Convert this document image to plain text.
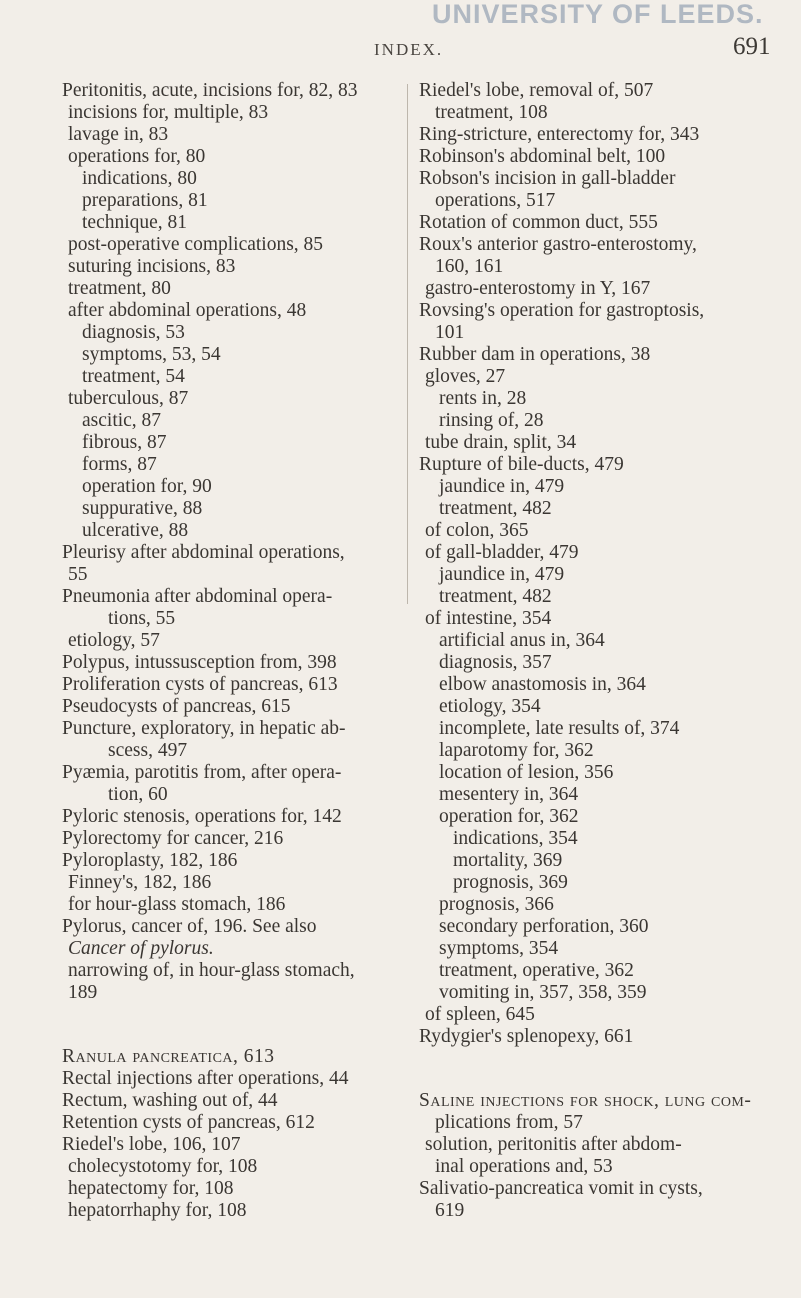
UNIVERSITY OF LEEDS.
INDEX.	691
Peritonitis, acute, incisions for, 82, 83
incisions for, multiple, 83
lavage in, 83
operations for, 80
indications, 80
preparations, 81
technique, 81
post-operative complications, 85
suturing incisions, 83
treatment, 80
after abdominal operations, 48
diagnosis, 53
symptoms, 53, 54
treatment, 54
tuberculous, 87
ascitic, 87
fibrous, 87
forms, 87
operation for, 90
suppurative, 88
ulcerative, 88
Pleurisy after abdominal operations,
55
Pneumonia after abdominal opera-
tions, 55
etiology, 57
Polypus, intussusception from, 398
Proliferation cysts of pancreas, 613
Pseudocysts of pancreas, 615
Puncture, exploratory, in hepatic ab-
scess, 497
Pyæmia, parotitis from, after opera-
tion, 60
Pyloric stenosis, operations for, 142
Pylorectomy for cancer, 216
Pyloroplasty, 182, 186
Finney's, 182, 186
for hour-glass stomach, 186
Pylorus, cancer of, 196. See also
Cancer of pylorus.
narrowing of, in hour-glass stomach,
189
Ranula pancreatica, 613
Rectal injections after operations, 44
Rectum, washing out of, 44
Retention cysts of pancreas, 612
Riedel's lobe, 106, 107
cholecystotomy for, 108
hepatectomy for, 108
hepatorrhaphy for, 108
Riedel's lobe, removal of, 507
treatment, 108
Ring-stricture, enterectomy for, 343
Robinson's abdominal belt, 100
Robson's incision in gall-bladder
operations, 517
Rotation of common duct, 555
Roux's anterior gastro-enterostomy,
160, 161
gastro-enterostomy in Y, 167
Rovsing's operation for gastroptosis,
101
Rubber dam in operations, 38
gloves, 27
rents in, 28
rinsing of, 28
tube drain, split, 34
Rupture of bile-ducts, 479
jaundice in, 479
treatment, 482
of colon, 365
of gall-bladder, 479
jaundice in, 479
treatment, 482
of intestine, 354
artificial anus in, 364
diagnosis, 357
elbow anastomosis in, 364
etiology, 354
incomplete, late results of, 374
laparotomy for, 362
location of lesion, 356
mesentery in, 364
operation for, 362
indications, 354
mortality, 369
prognosis, 369
prognosis, 366
secondary perforation, 360
symptoms, 354
treatment, operative, 362
vomiting in, 357, 358, 359
of spleen, 645
Rydygier's splenopexy, 661
Saline injections for shock, lung com-
plications from, 57
solution, peritonitis after abdom-
inal operations and, 53
Salivatio-pancreatica vomit in cysts,
619
